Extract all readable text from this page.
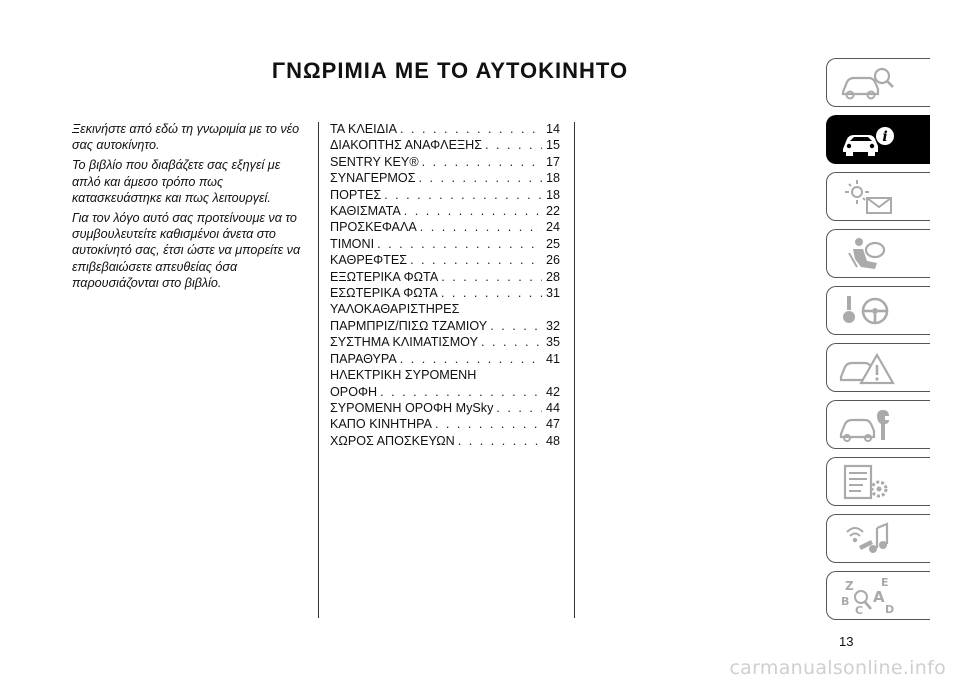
ΓΝΩΡΙΜΙΑ ΜΕ ΤΟ ΑΥΤΟΚΙΝΗΤΟ

Ξεκινήστε από εδώ τη γνωριμία με το νέο σας αυτοκίνητο.

Το βιβλίο που διαβάζετε σας εξηγεί με απλό και άμεσο τρόπο πως κατασκευάστηκε και πως λειτουργεί.

Για τον λόγο αυτό σας προτείνουμε να το συμβουλευτείτε καθισμένοι άνετα στο αυτοκίνητό σας, έτσι ώστε να μπορείτε να επιβεβαιώσετε απευθείας όσα παρουσιάζονται στο βιβλίο.

ΤΑ ΚΛΕΙΔΙΑ . . .	14
ΔΙΑΚΟΠΤΗΣ ΑΝΑΦΛΕΞΗΣ . . .	15
SENTRY KEY® . . .	17
ΣΥΝΑΓΕΡΜΟΣ . . .	18
ΠΟΡΤΕΣ . . .	18
ΚΑΘΙΣΜΑΤΑ . . .	22
ΠΡΟΣΚΕΦΑΛΑ . . .	24
ΤΙΜΟΝΙ . . .	25
ΚΑΘΡΕΦΤΕΣ . . .	26
ΕΞΩΤΕΡΙΚΑ ΦΩΤΑ . . .	28
ΕΣΩΤΕΡΙΚΑ ΦΩΤΑ . . .	31
ΥΑΛΟΚΑΘΑΡΙΣΤΗΡΕΣ
ΠΑΡΜΠΡΙΖ/ΠΙΣΩ ΤΖΑΜΙΟΥ . . .	32
ΣΥΣΤΗΜΑ ΚΛΙΜΑΤΙΣΜΟΥ . . .	35
ΠΑΡΑΘΥΡΑ . . .	41
ΗΛΕΚΤΡΙΚΗ ΣΥΡΟΜΕΝΗ
ΟΡΟΦΗ . . .	42
ΣΥΡΟΜΕΝΗ ΟΡΟΦΗ MySky . . .	44
ΚΑΠΟ ΚΙΝΗΤΗΡΑ . . .	47
ΧΩΡΟΣ ΑΠΟΣΚΕΥΩΝ . . .	48
i
Z E
B A
C D
13
carmanualsonline.info
